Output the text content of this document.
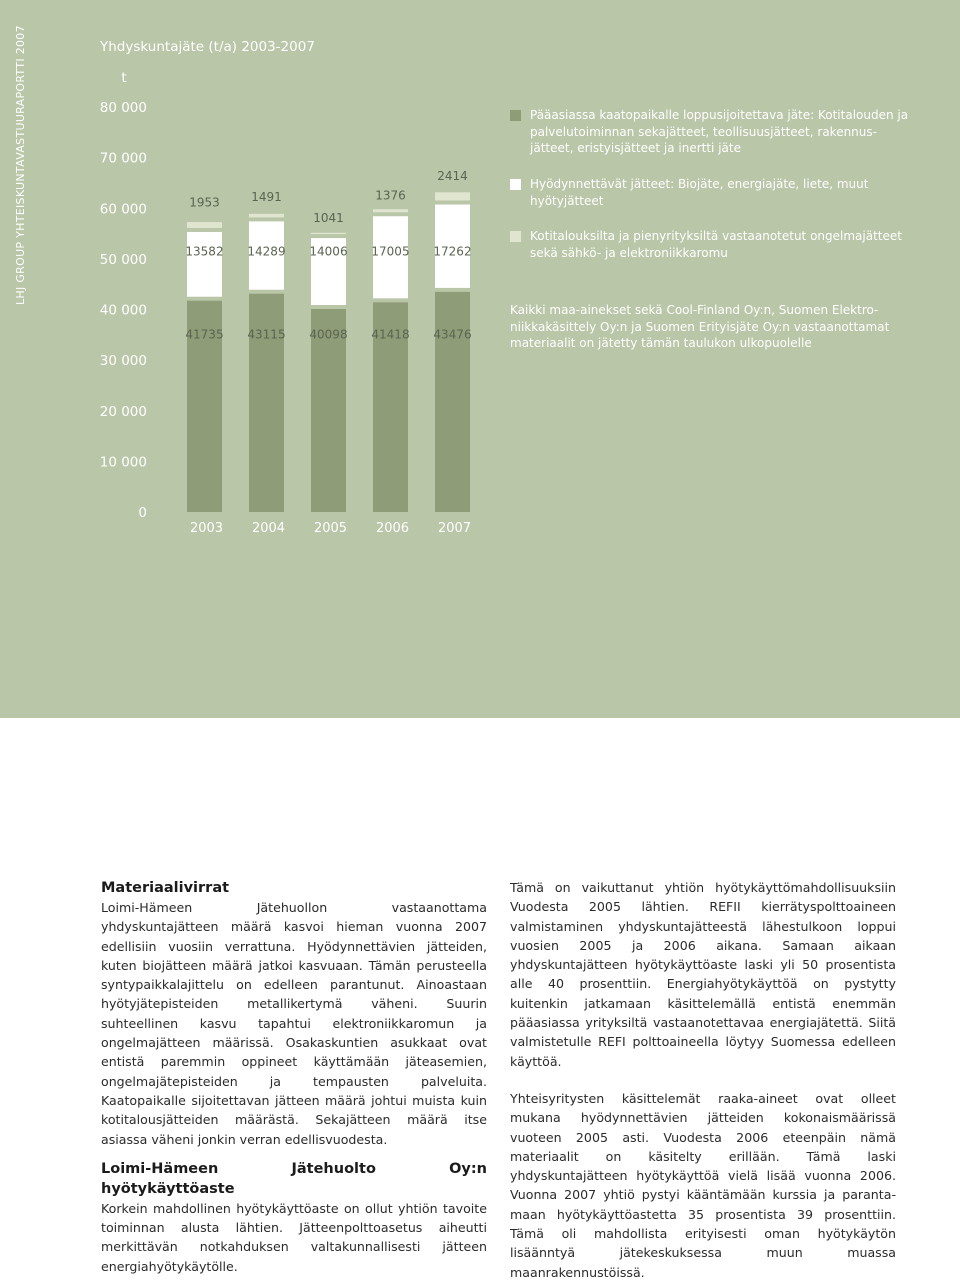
LHJ GROUP YHTEISKUNTAVASTUURAPORTTI 2007	Yhdyskuntajäte (t/a) 2003-2007
0
10 000
20 000
30 000
40 000
50 000
60 000
70 000
80 000
t
41735
13582
1953
2003
43115
14289
1491
2004
40098
14006
1041
2005
41418
17005
1376
2006
43476
17262
2414
2007
Pääasiassa kaatopaikalle loppusijoitettava jäte: Kotitalouden ja palvelutoiminnan sekajätteet, teollisuusjätteet, rakennusjätteet, eristyisjätteet ja inertti jäte
Hyödynnettävät jätteet: Biojäte, energiajäte, liete, muut hyötyjätteet
Kotitalouksilta ja pienyrityksiltä vastaanotetut ongelmajätteet sekä sähkö- ja elektroniikkaromu
Kaikki maa-ainekset sekä Cool-Finland Oy:n, Suomen Elektroniikkakäsittely Oy:n ja Suomen Erityisjäte Oy:n vastaanottamat materiaalit on jätetty tämän taulukon ulkopuolelle

Materiaalivirrat

Loimi-Hämeen Jätehuollon vastaanottama yhdyskuntajätteen määrä kasvoi hieman vuonna 2007 edellisiin vuosiin verrattuna. Hyödynnettävien jätteiden, kuten biojätteen määrä jatkoi kasvuaan. Tämän perusteella syntypaikkalajittelu on edelleen parantunut. Ainoastaan hyötyjätepisteiden metallikertymä väheni. Suurin suhteellinen kasvu tapahtui elektroniikkaromun ja ongelmajätteen määrissä. Osakaskuntien asukkaat ovat entistä paremmin oppineet käyttämään jäteasemien, ongelmajätepisteiden ja tempausten palveluita. Kaatopaikalle sijoitettavan jätteen määrä johtui muista kuin kotitalousjätteiden määrästä. Sekajätteen määrä itse asiassa väheni jonkin verran edellisvuodesta.

Loimi-Hämeen Jätehuolto Oy:n hyötykäyttöaste

Korkein mahdollinen hyötykäyttöaste on ollut yhtiön tavoite toiminnan alusta lähtien. Jätteenpolttoasetus aiheutti merkittävän notkahduksen valtakunnallisesti jätteen energiahyötykäytölle.

Tämä on vaikuttanut yhtiön hyötykäyttömahdollisuuksiin Vuodesta 2005 lähtien. REFII kierrätyspolttoaineen valmistaminen yhdyskuntajätteestä lähestulkoon loppui vuosien 2005 ja 2006 aikana. Samaan aikaan yhdyskuntajätteen hyötykäyttöaste laski yli 50 prosentista alle 40 prosenttiin. Energiahyötykäyttöä on pystytty kuitenkin jatkamaan käsittelemällä entistä enemmän pääasiassa yrityksiltä vastaanotettavaa energiajätettä. Siitä valmistetulle REFI polttoaineella löytyy Suomessa edelleen käyttöä.

Yhteisyritysten käsittelemät raaka-aineet ovat olleet mukana hyödynnettävien jätteiden kokonaismäärissä vuoteen 2005 asti. Vuodesta 2006 eteenpäin nämä materiaalit on käsitelty erillään. Tämä laski yhdyskuntajätteen hyötykäyttöä vielä lisää vuonna 2006. Vuonna 2007 yhtiö pystyi kääntämään kurssia ja parantamaan hyötykäyttöastetta 35 prosentista 39 prosenttiin. Tämä oli mahdollista erityisesti oman hyötykäytön lisäänntyä jätekeskuksessa muun muassa maanrakennustöissä.
